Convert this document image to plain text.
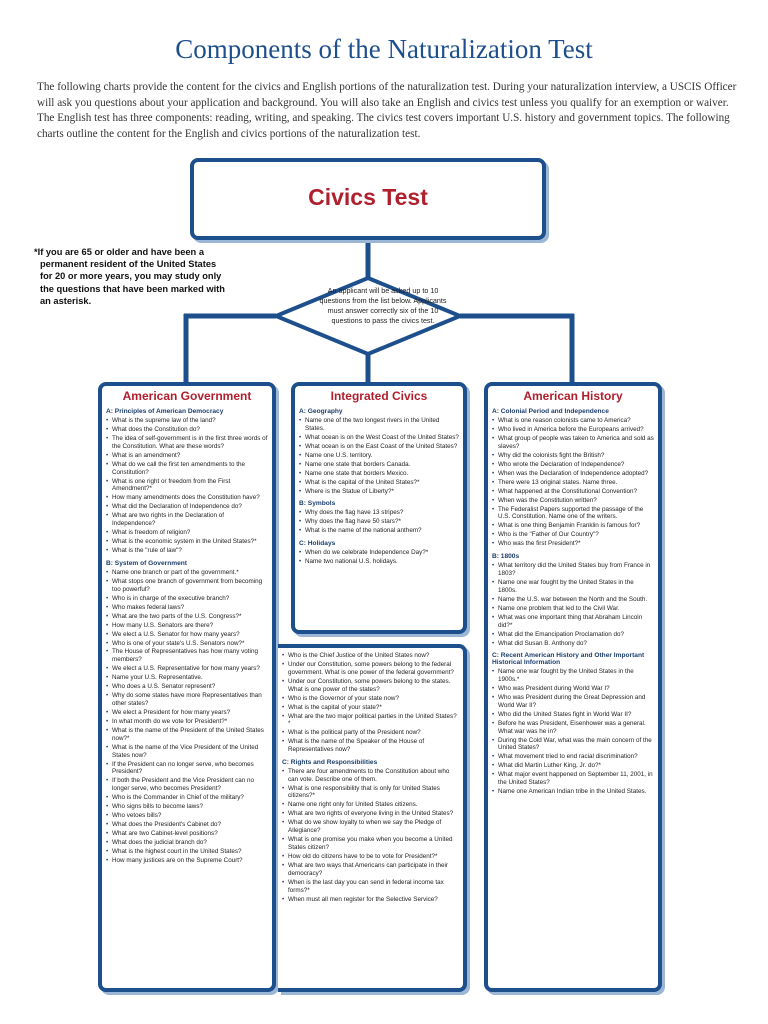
Components of the Naturalization Test
The following charts provide the content for the civics and English portions of the naturalization test. During your naturalization interview, a USCIS Officer will ask you questions about your application and background. You will also take an English and civics test unless you qualify for an exemption or waiver. The English test has three components: reading, writing, and speaking. The civics test covers important U.S. history and government topics. The following charts outline the content for the English and civics portions of the naturalization test.
Civics Test
*If you are 65 or older and have been a
permanent resident of the United States
for 20 or more years, you may study only
the questions that have been marked with
an asterisk.
An applicant will be asked up to 10 questions from the list below. Applicants must answer correctly six of the 10 questions to pass the civics test.
American Government
A: Principles of American Democracy
• What is the supreme law of the land?
• What does the Constitution do?
• The idea of self-government is in the first three words of the Constitution. What are these words?
• What is an amendment?
• What do we call the first ten amendments to the Constitution?
• What is one right or freedom from the First Amendment?*
• How many amendments does the Constitution have?
• What did the Declaration of Independence do?
• What are two rights in the Declaration of Independence?
• What is freedom of religion?
• What is the economic system in the United States?*
• What is the "rule of law"?
B: System of Government
• Name one branch or part of the government.*
• What stops one branch of government from becoming too powerful?
• Who is in charge of the executive branch?
• Who makes federal laws?
• What are the two parts of the U.S. Congress?*
• How many U.S. Senators are there?
• We elect a U.S. Senator for how many years?
• Who is one of your state's U.S. Senators now?*
• The House of Representatives has how many voting members?
• We elect a U.S. Representative for how many years?
• Name your U.S. Representative.
• Who does a U.S. Senator represent?
• Why do some states have more Representatives than other states?
• We elect a President for how many years?
• In what month do we vote for President?*
• What is the name of the President of the United States now?*
• What is the name of the Vice President of the United States now?
• If the President can no longer serve, who becomes President?
• If both the President and the Vice President can no longer serve, who becomes President?
• Who is the Commander in Chief of the military?
• Who signs bills to become laws?
• Who vetoes bills?
• What does the President's Cabinet do?
• What are two Cabinet-level positions?
• What does the judicial branch do?
• What is the highest court in the United States?
• How many justices are on the Supreme Court?
Integrated Civics
A: Geography
• Name one of the two longest rivers in the United States.
• What ocean is on the West Coast of the United States?
• What ocean is on the East Coast of the United States?
• Name one U.S. territory.
• Name one state that borders Canada.
• Name one state that borders Mexico.
• What is the capital of the United States?*
• Where is the Statue of Liberty?*
B: Symbols
• Why does the flag have 13 stripes?
• Why does the flag have 50 stars?*
• What is the name of the national anthem?
C: Holidays
• When do we celebrate Independence Day?*
• Name two national U.S. holidays.
• Who is the Chief Justice of the United States now?
• Under our Constitution, some powers belong to the federal government. What is one power of the federal government?
• Under our Constitution, some powers belong to the states. What is one power of the states?
• Who is the Governor of your state now?
• What is the capital of your state?*
• What are the two major political parties in the United States?*
• What is the political party of the President now?
• What is the name of the Speaker of the House of Representatives now?
C: Rights and Responsibilities
• There are four amendments to the Constitution about who can vote. Describe one of them.
• What is one responsibility that is only for United States citizens?*
• Name one right only for United States citizens.
• What are two rights of everyone living in the United States?
• What do we show loyalty to when we say the Pledge of Allegiance?
• What is one promise you make when you become a United States citizen?
• How old do citizens have to be to vote for President?*
• What are two ways that Americans can participate in their democracy?
• When is the last day you can send in federal income tax forms?*
• When must all men register for the Selective Service?
American History
A: Colonial Period and Independence
• What is one reason colonists came to America?
• Who lived in America before the Europeans arrived?
• What group of people was taken to America and sold as slaves?
• Why did the colonists fight the British?
• Who wrote the Declaration of Independence?
• When was the Declaration of Independence adopted?
• There were 13 original states. Name three.
• What happened at the Constitutional Convention?
• When was the Constitution written?
• The Federalist Papers supported the passage of the U.S. Constitution. Name one of the writers.
• What is one thing Benjamin Franklin is famous for?
• Who is the "Father of Our Country"?
• Who was the first President?*
B: 1800s
• What territory did the United States buy from France in 1803?
• Name one war fought by the United States in the 1800s.
• Name the U.S. war between the North and the South.
• Name one problem that led to the Civil War.
• What was one important thing that Abraham Lincoln did?*
• What did the Emancipation Proclamation do?
• What did Susan B. Anthony do?
C: Recent American History and Other Important Historical Information
• Name one war fought by the United States in the 1900s.*
• Who was President during World War I?
• Who was President during the Great Depression and World War II?
• Who did the United States fight in World War II?
• Before he was President, Eisenhower was a general. What war was he in?
• During the Cold War, what was the main concern of the United States?
• What movement tried to end racial discrimination?
• What did Martin Luther King, Jr. do?*
• What major event happened on September 11, 2001, in the United States?
• Name one American Indian tribe in the United States.
